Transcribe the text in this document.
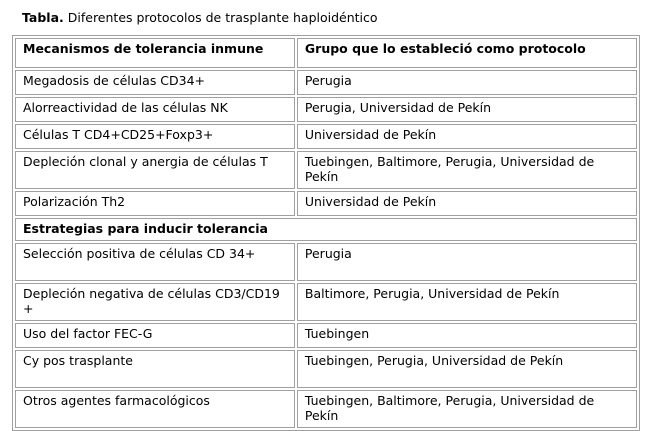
Tabla. Diferentes protocolos de trasplante haploidéntico
Mecanismos de tolerancia inmune	Grupo que lo estableció como protocolo
Megadosis de células CD34+	Perugia
Alorreactividad de las células NK	Perugia, Universidad de Pekín
Células T CD4+CD25+Foxp3+	Universidad de Pekín
Depleción clonal y anergia de células T	Tuebingen, Baltimore, Perugia, Universidad de Pekín
Polarización Th2	Universidad de Pekín
Estrategias para inducir tolerancia	
Selección positiva de células CD 34+	Perugia
Depleción negativa de células CD3/CD19 +	Baltimore, Perugia, Universidad de Pekín
Uso del factor FEC-G	Tuebingen
Cy pos trasplante	Tuebingen, Perugia, Universidad de Pekín
Otros agentes farmacológicos	Tuebingen, Baltimore, Perugia, Universidad de Pekín
